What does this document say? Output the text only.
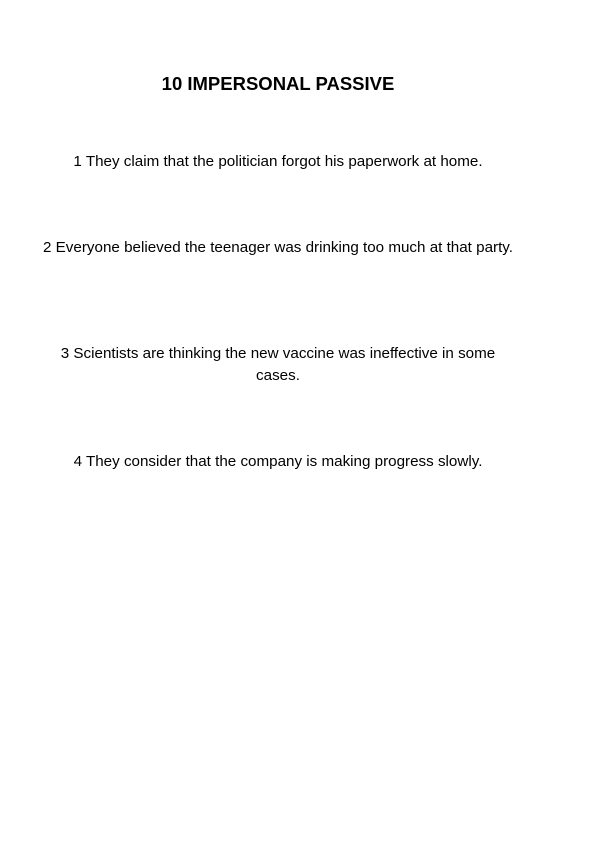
10 IMPERSONAL PASSIVE
1 They claim that the politician forgot his paperwork at home.
2 Everyone believed the teenager was drinking too much at that party.
3 Scientists are thinking the new vaccine was ineffective in some cases.
4 They consider that the company is making progress slowly.
